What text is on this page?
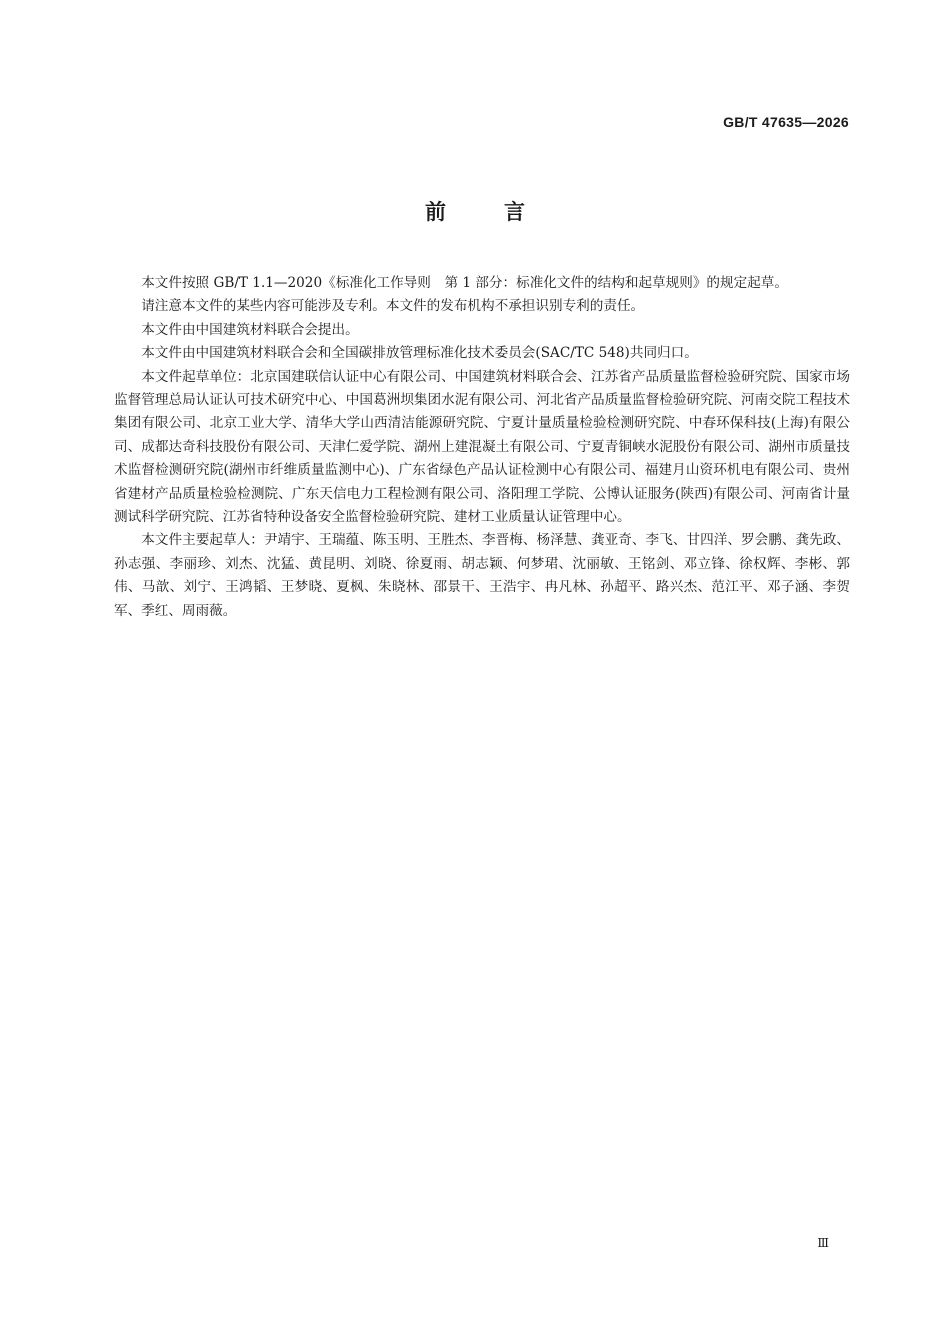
GB/T 47635—2026
前言

本文件按照 GB/T 1.1—2020《标准化工作导则　第 1 部分：标准化文件的结构和起草规则》的规定起草。

请注意本文件的某些内容可能涉及专利。本文件的发布机构不承担识别专利的责任。

本文件由中国建筑材料联合会提出。

本文件由中国建筑材料联合会和全国碳排放管理标准化技术委员会(SAC/TC 548)共同归口。

本文件起草单位：北京国建联信认证中心有限公司、中国建筑材料联合会、江苏省产品质量监督检验研究院、国家市场监督管理总局认证认可技术研究中心、中国葛洲坝集团水泥有限公司、河北省产品质量监督检验研究院、河南交院工程技术集团有限公司、北京工业大学、清华大学山西清洁能源研究院、宁夏计量质量检验检测研究院、中春环保科技(上海)有限公司、成都达奇科技股份有限公司、天津仁爱学院、湖州上建混凝土有限公司、宁夏青铜峡水泥股份有限公司、湖州市质量技术监督检测研究院(湖州市纤维质量监测中心)、广东省绿色产品认证检测中心有限公司、福建月山资环机电有限公司、贵州省建材产品质量检验检测院、广东天信电力工程检测有限公司、洛阳理工学院、公博认证服务(陕西)有限公司、河南省计量测试科学研究院、江苏省特种设备安全监督检验研究院、建材工业质量认证管理中心。

本文件主要起草人：尹靖宇、王瑞蕴、陈玉明、王胜杰、李晋梅、杨泽慧、龚亚奇、李飞、甘四洋、罗会鹏、龚先政、孙志强、李丽珍、刘杰、沈猛、黄昆明、刘晓、徐夏雨、胡志颖、何梦珺、沈丽敏、王铭剑、邓立锋、徐权辉、李彬、郭伟、马歆、刘宁、王鸿韬、王梦晓、夏枫、朱晓林、邵景干、王浩宇、冉凡林、孙超平、路兴杰、范江平、邓子涵、李贺军、季红、周雨薇。

Ⅲ
